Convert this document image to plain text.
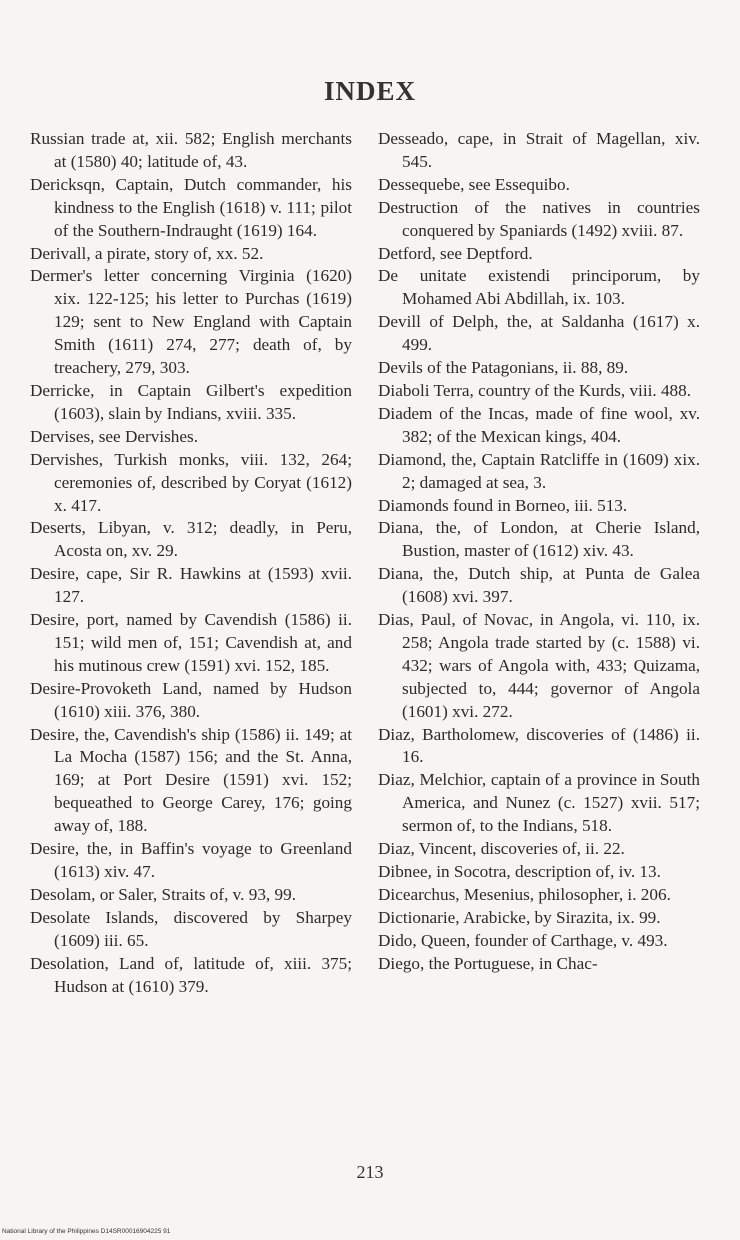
INDEX

Russian trade at, xii. 582; English merchants at (1580) 40; latitude of, 43.

Dericksqn, Captain, Dutch commander, his kindness to the English (1618) v. 111; pilot of the Southern-Indraught (1619) 164.

Derivall, a pirate, story of, xx. 52.

Dermer's letter concerning Virginia (1620) xix. 122-125; his letter to Purchas (1619) 129; sent to New England with Captain Smith (1611) 274, 277; death of, by treachery, 279, 303.

Derricke, in Captain Gilbert's expedition (1603), slain by Indians, xviii. 335.

Dervises, see Dervishes.

Dervishes, Turkish monks, viii. 132, 264; ceremonies of, described by Coryat (1612) x. 417.

Deserts, Libyan, v. 312; deadly, in Peru, Acosta on, xv. 29.

Desire, cape, Sir R. Hawkins at (1593) xvii. 127.

Desire, port, named by Cavendish (1586) ii. 151; wild men of, 151; Cavendish at, and his mutinous crew (1591) xvi. 152, 185.

Desire-Provoketh Land, named by Hudson (1610) xiii. 376, 380.

Desire, the, Cavendish's ship (1586) ii. 149; at La Mocha (1587) 156; and the St. Anna, 169; at Port Desire (1591) xvi. 152; bequeathed to George Carey, 176; going away of, 188.

Desire, the, in Baffin's voyage to Greenland (1613) xiv. 47.

Desolam, or Saler, Straits of, v. 93, 99.

Desolate Islands, discovered by Sharpey (1609) iii. 65.

Desolation, Land of, latitude of, xiii. 375; Hudson at (1610) 379.

Desseado, cape, in Strait of Magellan, xiv. 545.

Dessequebe, see Essequibo.

Destruction of the natives in countries conquered by Spaniards (1492) xviii. 87.

Detford, see Deptford.

De unitate existendi principorum, by Mohamed Abi Abdillah, ix. 103.

Devill of Delph, the, at Saldanha (1617) x. 499.

Devils of the Patagonians, ii. 88, 89.

Diaboli Terra, country of the Kurds, viii. 488.

Diadem of the Incas, made of fine wool, xv. 382; of the Mexican kings, 404.

Diamond, the, Captain Ratcliffe in (1609) xix. 2; damaged at sea, 3.

Diamonds found in Borneo, iii. 513.

Diana, the, of London, at Cherie Island, Bustion, master of (1612) xiv. 43.

Diana, the, Dutch ship, at Punta de Galea (1608) xvi. 397.

Dias, Paul, of Novac, in Angola, vi. 110, ix. 258; Angola trade started by (c. 1588) vi. 432; wars of Angola with, 433; Quizama, subjected to, 444; governor of Angola (1601) xvi. 272.

Diaz, Bartholomew, discoveries of (1486) ii. 16.

Diaz, Melchior, captain of a province in South America, and Nunez (c. 1527) xvii. 517; sermon of, to the Indians, 518.

Diaz, Vincent, discoveries of, ii. 22.

Dibnee, in Socotra, description of, iv. 13.

Dicearchus, Mesenius, philosopher, i. 206.

Dictionarie, Arabicke, by Sirazita, ix. 99.

Dido, Queen, founder of Carthage, v. 493.

Diego, the Portuguese, in Chac-

213
National Library of the Philippines D14SR00016904225 91
